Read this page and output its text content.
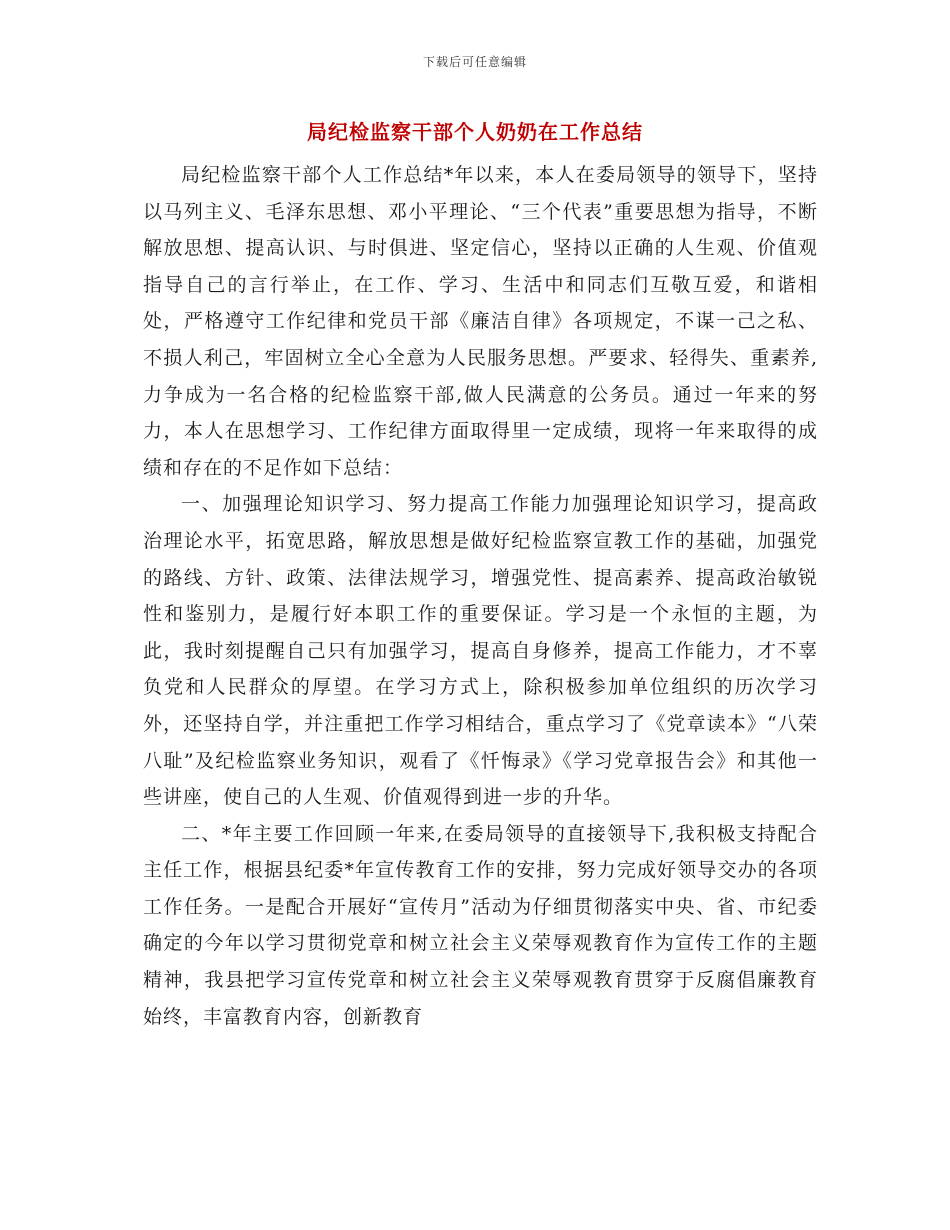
下载后可任意编辑
局纪检监察干部个人奶奶在工作总结

局纪检监察干部个人工作总结*年以来，本人在委局领导的领导下，坚持以马列主义、毛泽东思想、邓小平理论、“三个代表”重要思想为指导，不断解放思想、提高认识、与时俱进、坚定信心，坚持以正确的人生观、价值观指导自己的言行举止，在工作、学习、生活中和同志们互敬互爱，和谐相处，严格遵守工作纪律和党员干部《廉洁自律》各项规定，不谋一己之私、不损人利己，牢固树立全心全意为人民服务思想。严要求、轻得失、重素养,力争成为一名合格的纪检监察干部,做人民满意的公务员。通过一年来的努力，本人在思想学习、工作纪律方面取得里一定成绩，现将一年来取得的成绩和存在的不足作如下总结：

一、加强理论知识学习、努力提高工作能力加强理论知识学习，提高政治理论水平，拓宽思路，解放思想是做好纪检监察宣教工作的基础，加强党的路线、方针、政策、法律法规学习，增强党性、提高素养、提高政治敏锐性和鉴别力，是履行好本职工作的重要保证。学习是一个永恒的主题，为此，我时刻提醒自己只有加强学习，提高自身修养，提高工作能力，才不辜负党和人民群众的厚望。在学习方式上，除积极参加单位组织的历次学习外，还坚持自学，并注重把工作学习相结合，重点学习了《党章读本》“八荣八耻”及纪检监察业务知识，观看了《忏悔录》《学习党章报告会》和其他一些讲座，使自己的人生观、价值观得到进一步的升华。

二、*年主要工作回顾一年来,在委局领导的直接领导下,我积极支持配合主任工作，根据县纪委*年宣传教育工作的安排，努力完成好领导交办的各项工作任务。一是配合开展好“宣传月”活动为仔细贯彻落实中央、省、市纪委确定的今年以学习贯彻党章和树立社会主义荣辱观教育作为宣传工作的主题精神，我县把学习宣传党章和树立社会主义荣辱观教育贯穿于反腐倡廉教育始终，丰富教育内容，创新教育
